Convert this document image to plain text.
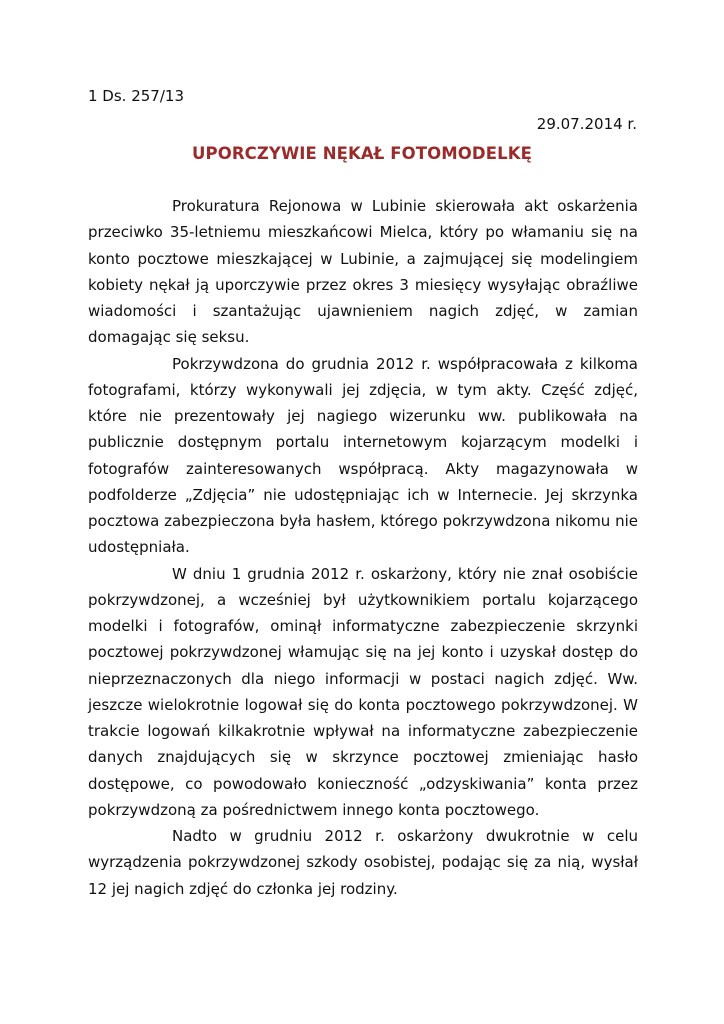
1 Ds. 257/13
29.07.2014 r.
UPORCZYWIE NĘKAŁ FOTOMODELKĘ

Prokuratura Rejonowa w Lubinie skierowała akt oskarżenia przeciwko 35-letniemu mieszkańcowi Mielca, który po włamaniu się na konto pocztowe mieszkającej w Lubinie, a zajmującej się modelingiem kobiety nękał ją uporczywie przez okres 3 miesięcy wysyłając obraźliwe wiadomości i szantażując ujawnieniem nagich zdjęć, w zamian domagając się seksu.

Pokrzywdzona do grudnia 2012 r. współpracowała z kilkoma fotografami, którzy wykonywali jej zdjęcia, w tym akty. Część zdjęć, które nie prezentowały jej nagiego wizerunku ww. publikowała na publicznie dostępnym portalu internetowym kojarzącym modelki i fotografów zainteresowanych współpracą. Akty magazynowała w podfolderze „Zdjęcia” nie udostępniając ich w Internecie. Jej skrzynka pocztowa zabezpieczona była hasłem, którego pokrzywdzona nikomu nie udostępniała.

W dniu 1 grudnia 2012 r. oskarżony, który nie znał osobiście pokrzywdzonej, a wcześniej był użytkownikiem portalu kojarzącego modelki i fotografów, ominął informatyczne zabezpieczenie skrzynki pocztowej pokrzywdzonej włamując się na jej konto i uzyskał dostęp do nieprzeznaczonych dla niego informacji w postaci nagich zdjęć. Ww. jeszcze wielokrotnie logował się do konta pocztowego pokrzywdzonej. W trakcie logowań kilkakrotnie wpływał na informatyczne zabezpieczenie danych znajdujących się w skrzynce pocztowej zmieniając hasło dostępowe, co powodowało konieczność „odzyskiwania” konta przez pokrzywdzoną za pośrednictwem innego konta pocztowego.

Nadto w grudniu 2012 r. oskarżony dwukrotnie w celu wyrządzenia pokrzywdzonej szkody osobistej, podając się za nią, wysłał 12 jej nagich zdjęć do członka jej rodziny.
